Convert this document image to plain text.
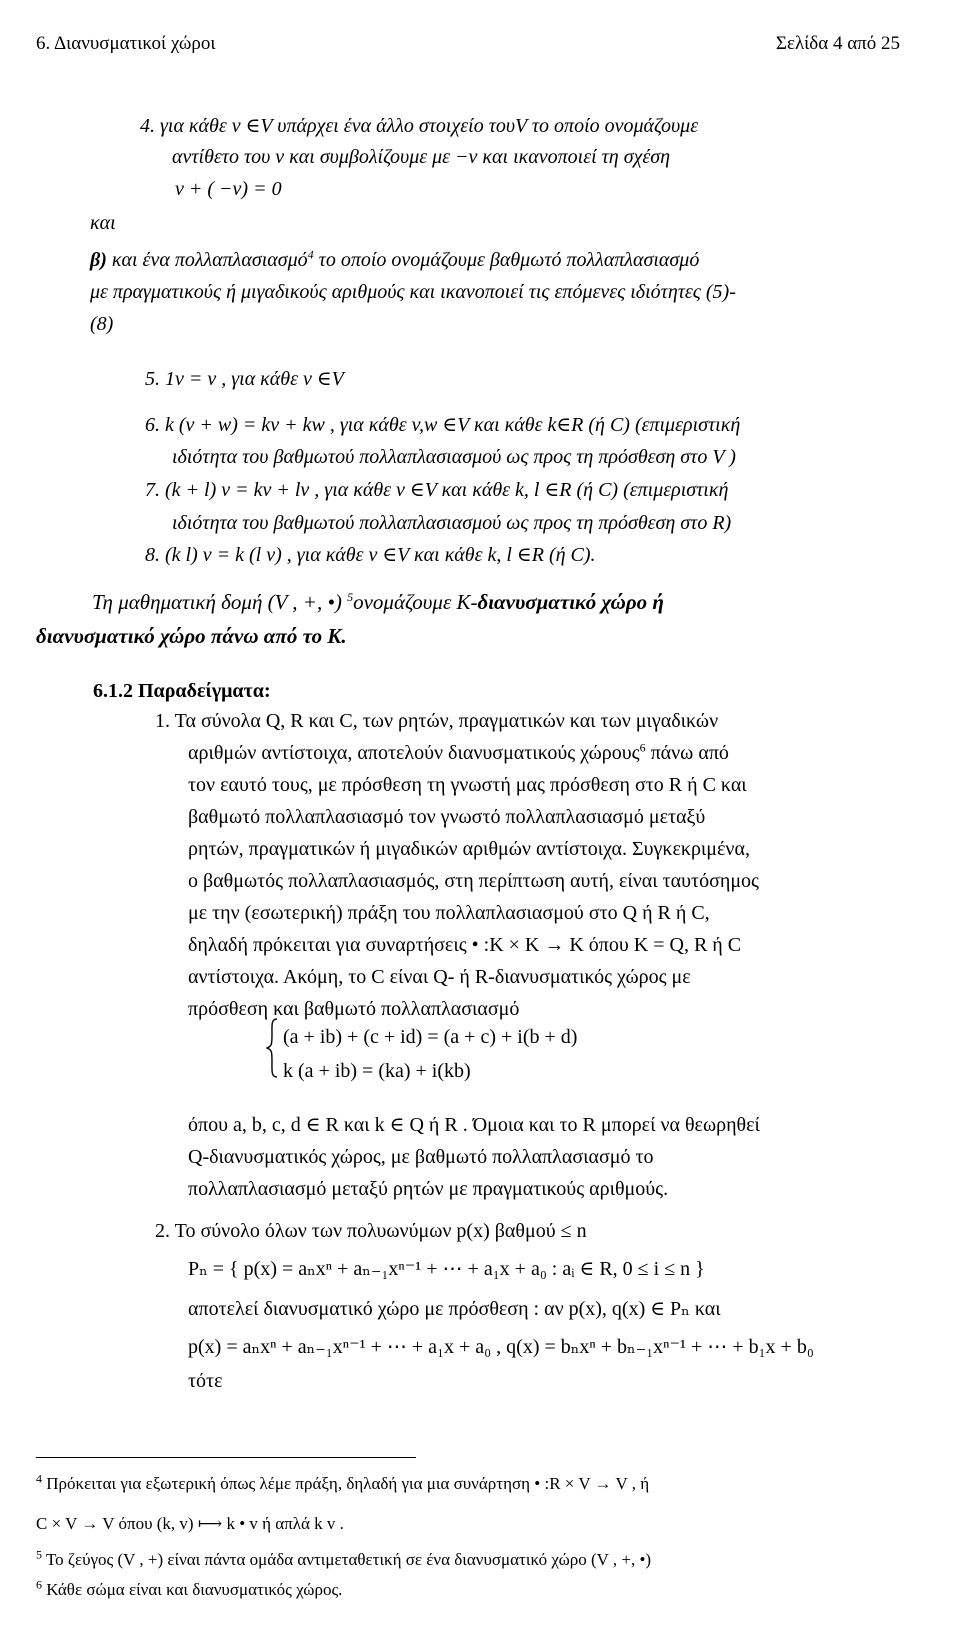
6. Διανυσματικοί χώροι	Σελίδα 4 από 25
4. για κάθε v ∈V υπάρχει ένα άλλο στοιχείο τουV το οποίο ονομάζουμε
αντίθετο του v και συμβολίζουμε με −v και ικανοποιεί τη σχέση
v + ( −v) = 0
και
β) και ένα πολλαπλασιασμό$^4$ το οποίο ονομάζουμε βαθμωτό πολλαπλασιασμό
με πραγματικούς ή μιγαδικούς αριθμούς και ικανοποιεί τις επόμενες ιδιότητες (5)-
(8)
5. 1v = v , για κάθε v ∈V
6. k (v + w) = kv + kw , για κάθε v,w ∈V και κάθε k∈R (ή C) (επιμεριστική
ιδιότητα του βαθμωτού πολλαπλασιασμού ως προς τη πρόσθεση στο V )
7. (k + l) v = kv + lv , για κάθε v ∈V και κάθε k, l ∈R (ή C) (επιμεριστική
ιδιότητα του βαθμωτού πολλαπλασιασμού ως προς τη πρόσθεση στο R)
8. (k l) v = k (l v) , για κάθε v ∈V και κάθε k, l ∈R (ή C).
Τη μαθηματική δομή (V , +, •) $^5$ονομάζουμε K-διανυσματικό χώρο ή
διανυσματικό χώρο πάνω από το K.
6.1.2 Παραδείγματα:
1. Τα σύνολα Q, R και C, των ρητών, πραγματικών και των μιγαδικών
αριθμών αντίστοιχα, αποτελούν διανυσματικούς χώρους$^6$ πάνω από
τον εαυτό τους, με πρόσθεση τη γνωστή μας πρόσθεση στο R ή C και
βαθμωτό πολλαπλασιασμό τον γνωστό πολλαπλασιασμό μεταξύ
ρητών, πραγματικών ή μιγαδικών αριθμών αντίστοιχα. Συγκεκριμένα,
ο βαθμωτός πολλαπλασιασμός, στη περίπτωση αυτή, είναι ταυτόσημος
με την (εσωτερική) πράξη του πολλαπλασιασμού στο Q ή R ή C,
δηλαδή πρόκειται για συναρτήσεις • :K × K → K όπου K = Q, R ή C
αντίστοιχα. Ακόμη, το C είναι Q- ή R-διανυσματικός χώρος με
πρόσθεση και βαθμωτό πολλαπλασιασμό
(a + ib) + (c + id) = (a + c) + i(b + d)
k (a + ib) = (ka) + i(kb)
όπου a, b, c, d ∈ R και k ∈ Q ή R . Όμοια και το R μπορεί να θεωρηθεί
Q-διανυσματικός χώρος, με βαθμωτό πολλαπλασιασμό το
πολλαπλασιασμό μεταξύ ρητών με πραγματικούς αριθμούς.
2. Το σύνολο όλων των πολυωνύμων p(x) βαθμού ≤ n
Pₙ = { p(x) = aₙxⁿ + aₙ₋₁xⁿ⁻¹ + ⋯ + a₁x + a₀ : aᵢ ∈ R, 0 ≤ i ≤ n }
αποτελεί διανυσματικό χώρο με πρόσθεση : αν p(x), q(x) ∈ Pₙ και
p(x) = aₙxⁿ + aₙ₋₁xⁿ⁻¹ + ⋯ + a₁x + a₀ , q(x) = bₙxⁿ + bₙ₋₁xⁿ⁻¹ + ⋯ + b₁x + b₀
τότε
$^4$ Πρόκειται για εξωτερική όπως λέμε πράξη, δηλαδή για μια συνάρτηση • :R × V → V , ή
C × V → V όπου (k, v) ⟼ k • v ή απλά k v .
$^5$ Το ζεύγος (V , +) είναι πάντα ομάδα αντιμεταθετική σε ένα διανυσματικό χώρο (V , +, •)
$^6$ Κάθε σώμα είναι και διανυσματικός χώρος.
